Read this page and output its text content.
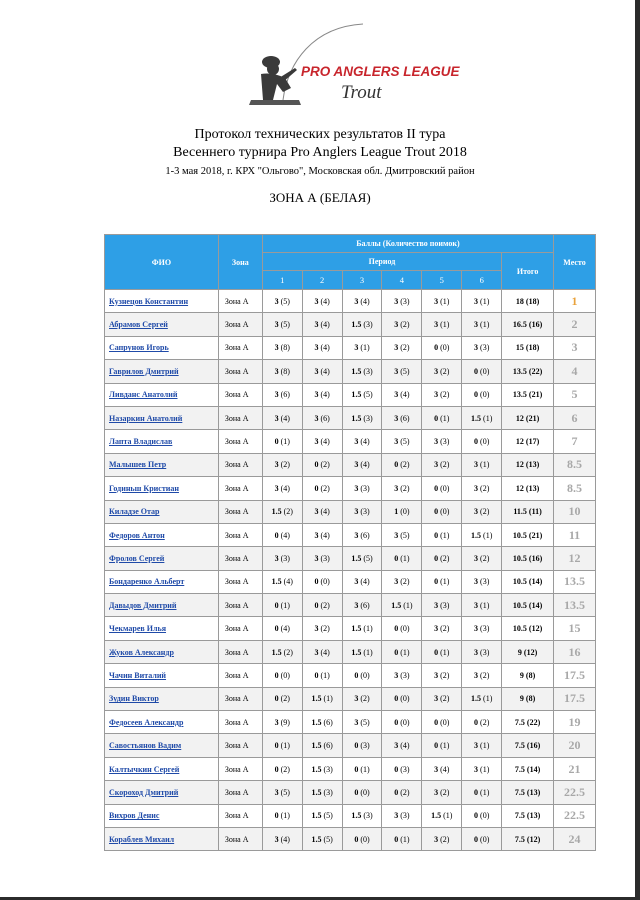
PRO ANGLERS LEAGUE
Trout
Протокол технических результатов II тура
Весеннего турнира Pro Anglers League Trout 2018
1-3 мая 2018, г. КРХ "Ольгово", Московская обл. Дмитровский район
ЗОНА А (БЕЛАЯ)
ФИО	Зона	Баллы (Количество поимок)							Место
		Период						Итого	
		1	2	3	4	5	6		
Кузнецов Константин	Зона А	3 (5)	3 (4)	3 (4)	3 (3)	3 (1)	3 (1)	18 (18)	1
Абрамов Сергей	Зона А	3 (5)	3 (4)	1.5 (3)	3 (2)	3 (1)	3 (1)	16.5 (16)	2
Сапрунов Игорь	Зона А	3 (8)	3 (4)	3 (1)	3 (2)	0 (0)	3 (3)	15 (18)	3
Гаврилов Дмитрий	Зона А	3 (8)	3 (4)	1.5 (3)	3 (5)	3 (2)	0 (0)	13.5 (22)	4
Ливданс Анатолий	Зона А	3 (6)	3 (4)	1.5 (5)	3 (4)	3 (2)	0 (0)	13.5 (21)	5
Назаркин Анатолий	Зона А	3 (4)	3 (6)	1.5 (3)	3 (6)	0 (1)	1.5 (1)	12 (21)	6
Лапта Владислав	Зона А	0 (1)	3 (4)	3 (4)	3 (5)	3 (3)	0 (0)	12 (17)	7
Малышев Петр	Зона А	3 (2)	0 (2)	3 (4)	0 (2)	3 (2)	3 (1)	12 (13)	8.5
Годиньш Кристиан	Зона А	3 (4)	0 (2)	3 (3)	3 (2)	0 (0)	3 (2)	12 (13)	8.5
Киладзе Отар	Зона А	1.5 (2)	3 (4)	3 (3)	1 (0)	0 (0)	3 (2)	11.5 (11)	10
Федоров Антон	Зона А	0 (4)	3 (4)	3 (6)	3 (5)	0 (1)	1.5 (1)	10.5 (21)	11
Фролов Сергей	Зона А	3 (3)	3 (3)	1.5 (5)	0 (1)	0 (2)	3 (2)	10.5 (16)	12
Бондаренко Альберт	Зона А	1.5 (4)	0 (0)	3 (4)	3 (2)	0 (1)	3 (3)	10.5 (14)	13.5
Давыдов Дмитрий	Зона А	0 (1)	0 (2)	3 (6)	1.5 (1)	3 (3)	3 (1)	10.5 (14)	13.5
Чекмарев Илья	Зона А	0 (4)	3 (2)	1.5 (1)	0 (0)	3 (2)	3 (3)	10.5 (12)	15
Жуков Александр	Зона А	1.5 (2)	3 (4)	1.5 (1)	0 (1)	0 (1)	3 (3)	9 (12)	16
Чачин Виталий	Зона А	0 (0)	0 (1)	0 (0)	3 (3)	3 (2)	3 (2)	9 (8)	17.5
Зудин Виктор	Зона А	0 (2)	1.5 (1)	3 (2)	0 (0)	3 (2)	1.5 (1)	9 (8)	17.5
Федосеев Александр	Зона А	3 (9)	1.5 (6)	3 (5)	0 (0)	0 (0)	0 (2)	7.5 (22)	19
Савостьянов Вадим	Зона А	0 (1)	1.5 (6)	0 (3)	3 (4)	0 (1)	3 (1)	7.5 (16)	20
Калтычкин Сергей	Зона А	0 (2)	1.5 (3)	0 (1)	0 (3)	3 (4)	3 (1)	7.5 (14)	21
Скороход Дмитрий	Зона А	3 (5)	1.5 (3)	0 (0)	0 (2)	3 (2)	0 (1)	7.5 (13)	22.5
Вихров Денис	Зона А	0 (1)	1.5 (5)	1.5 (3)	3 (3)	1.5 (1)	0 (0)	7.5 (13)	22.5
Кораблев Михаил	Зона А	3 (4)	1.5 (5)	0 (0)	0 (1)	3 (2)	0 (0)	7.5 (12)	24
